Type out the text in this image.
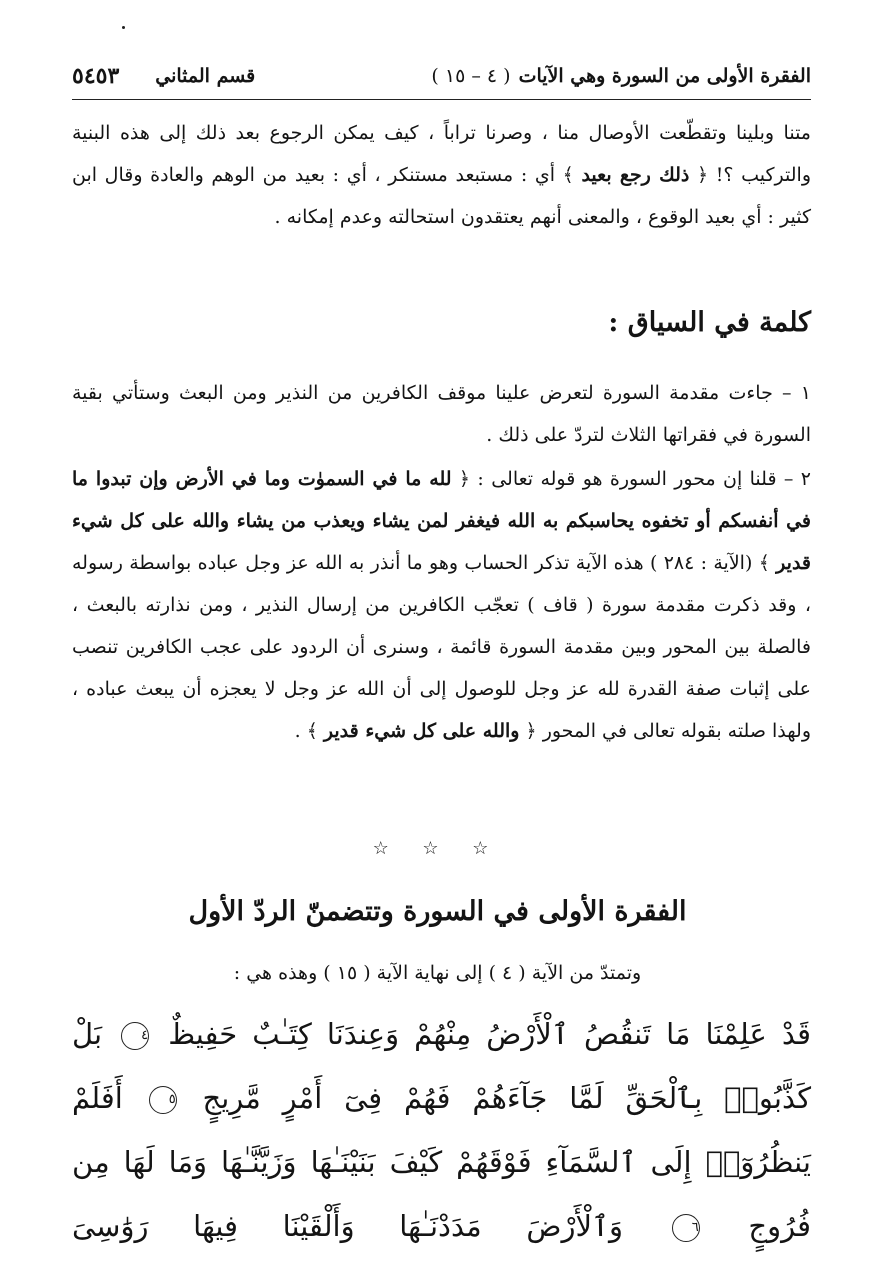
الفقرة الأولى من السورة وهي الآيات( ٤ – ١٥ )
قسم المثاني
٥٤٥٣
متنا وبلينا وتقطّعت الأوصال منا ، وصرنا تراباً ، كيف يمكن الرجوع بعد ذلك إلى هذه البنية والتركيب ؟! ﴿ ذلك رجع بعيد ﴾ أي : مستبعد مستنكر ، أي : بعيد من الوهم والعادة وقال ابن كثير : أي بعيد الوقوع ، والمعنى أنهم يعتقدون استحالته وعدم إمكانه .
كلمة في السياق :
١ – جاءت مقدمة السورة لتعرض علينا موقف الكافرين من النذير ومن البعث وستأتي بقية السورة في فقراتها الثلاث لتردّ على ذلك .
٢ – قلنا إن محور السورة هو قوله تعالى : ﴿ لله ما في السموٰت وما في الأرض وإن تبدوا ما في أنفسكم أو تخفوه يحاسبكم به الله فيغفر لمن يشاء ويعذب من يشاء والله على كل شيء قدير ﴾ (الآية : ٢٨٤ ) هذه الآية تذكر الحساب وهو ما أنذر به الله عز وجل عباده بواسطة رسوله ، وقد ذكرت مقدمة سورة ( قاف ) تعجّب الكافرين من إرسال النذير ، ومن نذارته بالبعث ، فالصلة بين المحور وبين مقدمة السورة قائمة ، وسنرى أن الردود على عجب الكافرين تنصب على إثبات صفة القدرة لله عز وجل للوصول إلى أن الله عز وجل لا يعجزه أن يبعث عباده ، ولهذا صلته بقوله تعالى في المحور ﴿ والله على كل شيء قدير ﴾ .
☆ ☆ ☆
الفقرة الأولى في السورة وتتضمنّ الردّ الأول
وتمتدّ من الآية ( ٤ ) إلى نهاية الآية ( ١٥ ) وهذه هي :
قَدْ عَلِمْنَا مَا تَنقُصُ ٱلْأَرْضُ مِنْهُمْ وَعِندَنَا كِتَـٰبٌ حَفِيظٌ ٤ بَلْ كَذَّبُوا۟ بِٱلْحَقِّ لَمَّا جَآءَهُمْ فَهُمْ فِىٓ أَمْرٍ مَّرِيجٍ ٥ أَفَلَمْ يَنظُرُوٓا۟ إِلَى ٱلسَّمَآءِ فَوْقَهُمْ كَيْفَ بَنَيْنَـٰهَا وَزَيَّنَّـٰهَا وَمَا لَهَا مِن فُرُوجٍ ٦ وَٱلْأَرْضَ مَدَدْنَـٰهَا وَأَلْقَيْنَا فِيهَا رَوَٰسِىَ
